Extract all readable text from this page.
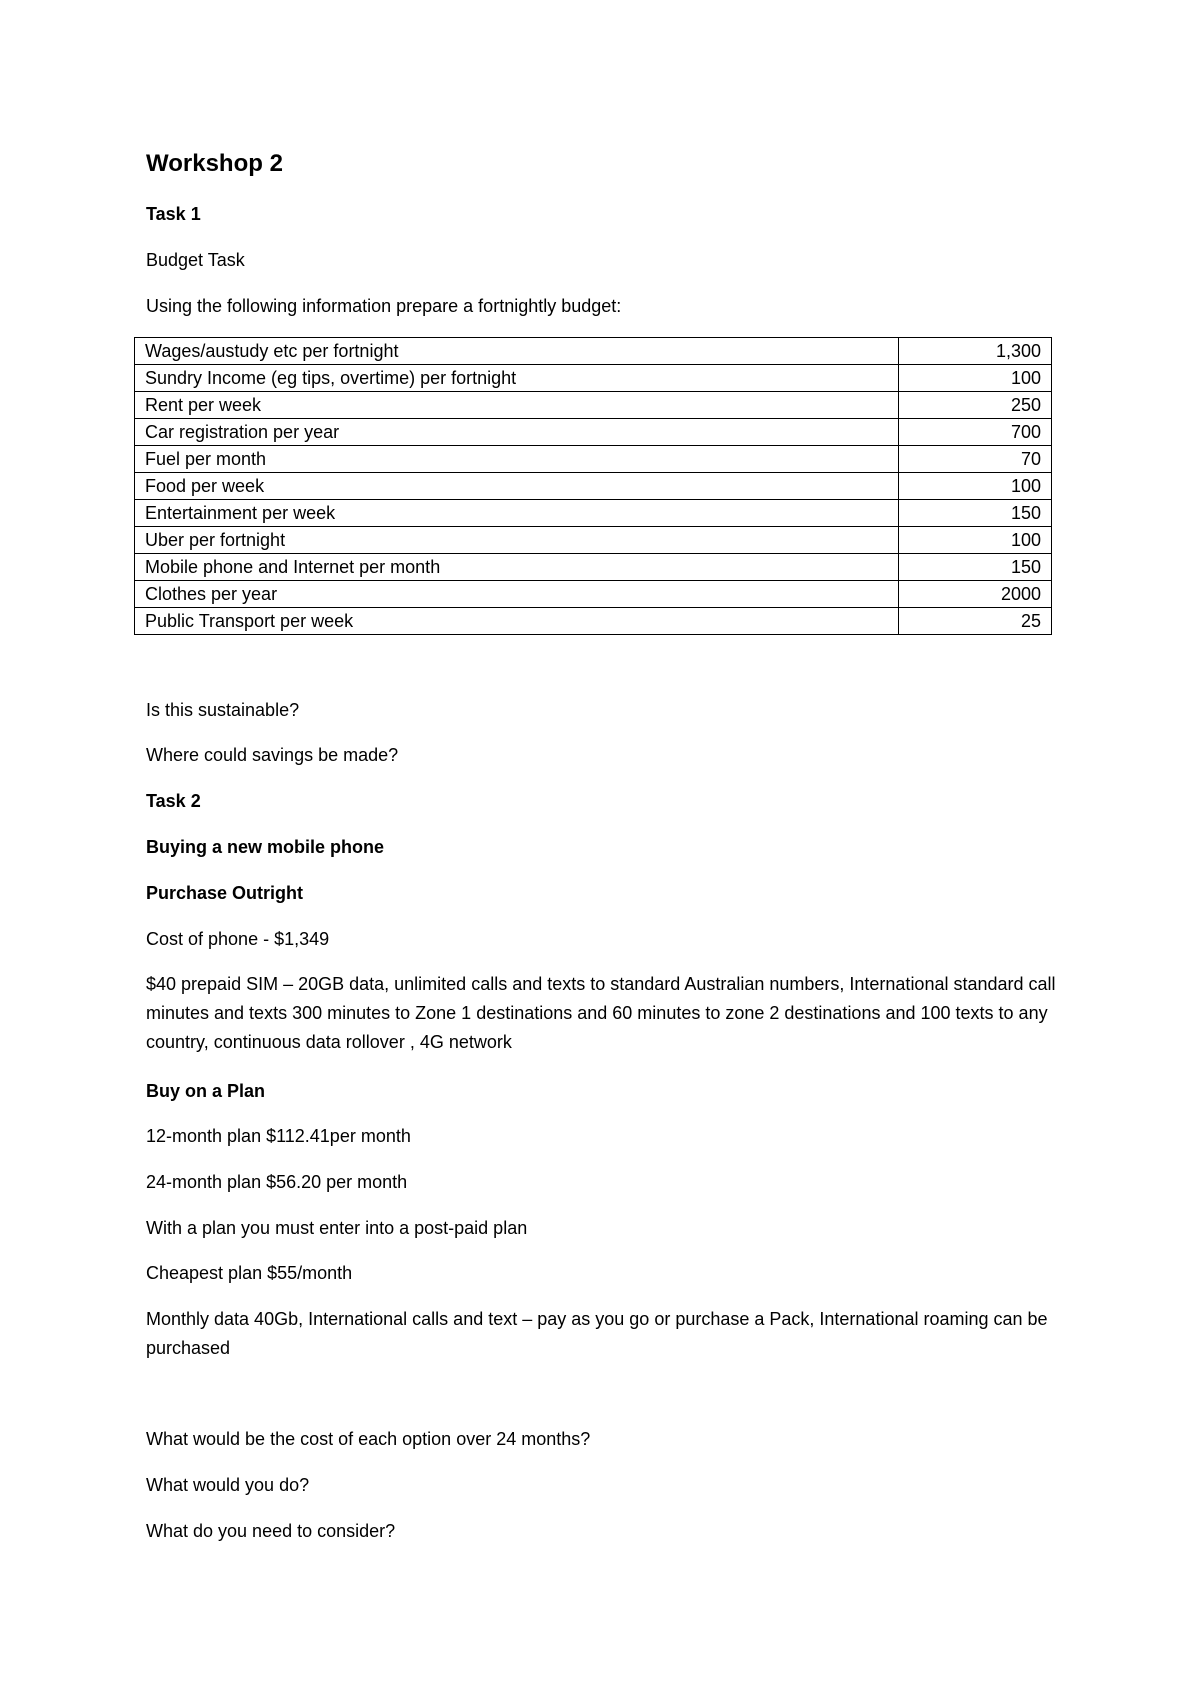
Workshop 2
Task 1
Budget Task
Using the following information prepare a fortnightly budget:
Wages/austudy etc per fortnight	1,300
Sundry Income (eg tips, overtime) per fortnight	100
Rent per week	250
Car registration per year	700
Fuel per month	70
Food per week	100
Entertainment per week	150
Uber per fortnight	100
Mobile phone and Internet per month	150
Clothes per year	2000
Public Transport per week	25
Is this sustainable?
Where could savings be made?
Task 2
Buying a new mobile phone
Purchase Outright
Cost of phone - $1,349
$40 prepaid SIM – 20GB data, unlimited calls and texts to standard Australian numbers, International standard call minutes and texts 300 minutes to Zone 1 destinations and 60 minutes to zone 2 destinations and 100 texts to any country, continuous data rollover , 4G network
Buy on a Plan
12-month plan $112.41per month
24-month plan $56.20 per month
With a plan you must enter into a post-paid plan
Cheapest plan $55/month
Monthly data 40Gb, International calls and text – pay as you go or purchase a Pack, International roaming can be purchased
What would be the cost of each option over 24 months?
What would you do?
What do you need to consider?
